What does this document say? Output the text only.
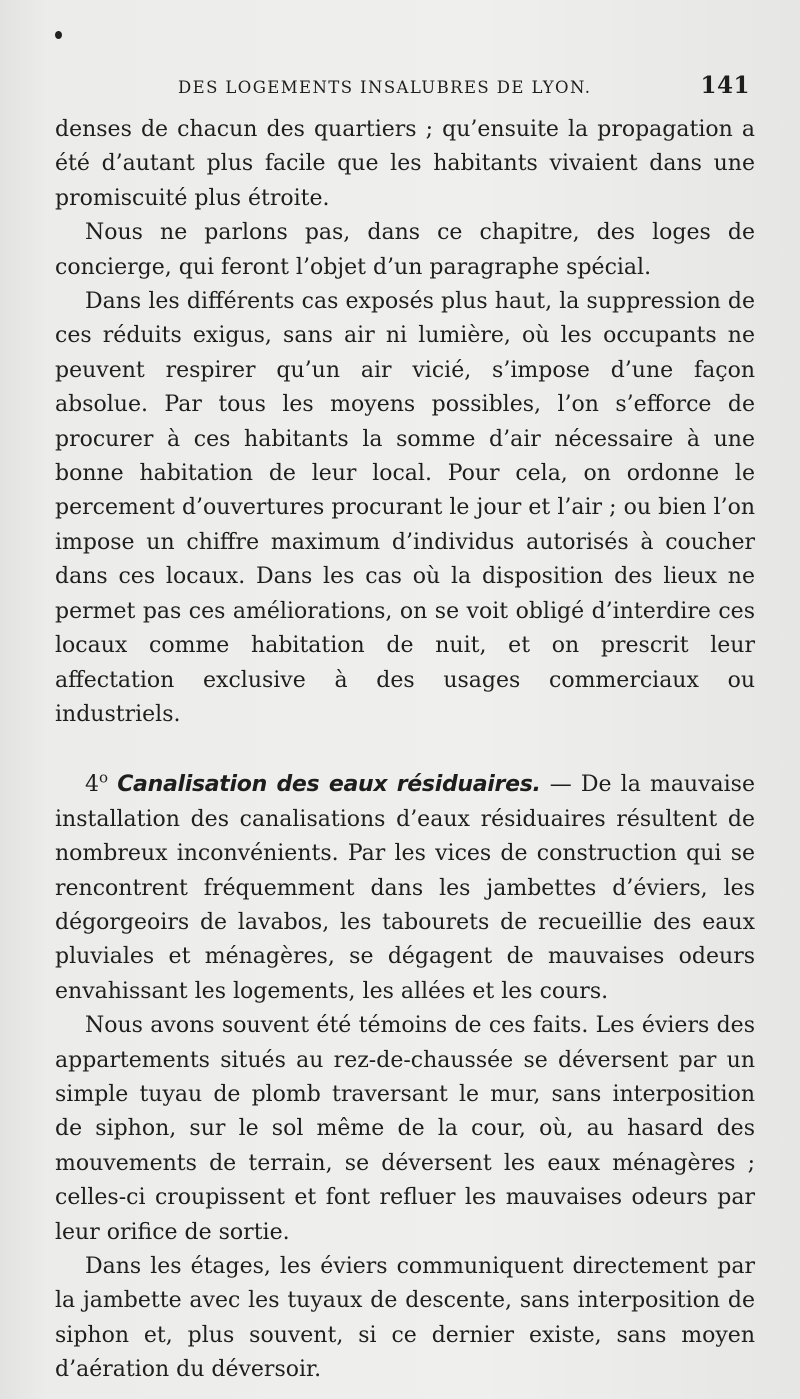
DES LOGEMENTS INSALUBRES DE LYON.	141

denses de chacun des quartiers ; qu’ensuite la propagation a été d’autant plus facile que les habitants vivaient dans une promiscuité plus étroite.

Nous ne parlons pas, dans ce chapitre, des loges de concierge, qui feront l’objet d’un paragraphe spécial.

Dans les différents cas exposés plus haut, la suppression de ces réduits exigus, sans air ni lumière, où les occupants ne peuvent respirer qu’un air vicié, s’impose d’une façon absolue. Par tous les moyens possibles, l’on s’efforce de procurer à ces habitants la somme d’air nécessaire à une bonne habitation de leur local. Pour cela, on ordonne le percement d’ouvertures procurant le jour et l’air ; ou bien l’on impose un chiffre maximum d’individus autorisés à coucher dans ces locaux. Dans les cas où la disposition des lieux ne permet pas ces améliorations, on se voit obligé d’interdire ces locaux comme habitation de nuit, et on prescrit leur affectation exclusive à des usages commerciaux ou industriels.

4$^o$ Canalisation des eaux résiduaires. — De la mauvaise installation des canalisations d’eaux résiduaires résultent de nombreux inconvénients. Par les vices de construction qui se rencontrent fréquemment dans les jambettes d’éviers, les dégorgeoirs de lavabos, les tabourets de recueillie des eaux pluviales et ménagères, se dégagent de mauvaises odeurs envahissant les logements, les allées et les cours.

Nous avons souvent été témoins de ces faits. Les éviers des appartements situés au rez-de-chaussée se déversent par un simple tuyau de plomb traversant le mur, sans interposition de siphon, sur le sol même de la cour, où, au hasard des mouvements de terrain, se déversent les eaux ménagères ; celles-ci croupissent et font refluer les mauvaises odeurs par leur orifice de sortie.

Dans les étages, les éviers communiquent directement par la jambette avec les tuyaux de descente, sans interposition de siphon et, plus souvent, si ce dernier existe, sans moyen d’aération du déversoir.
